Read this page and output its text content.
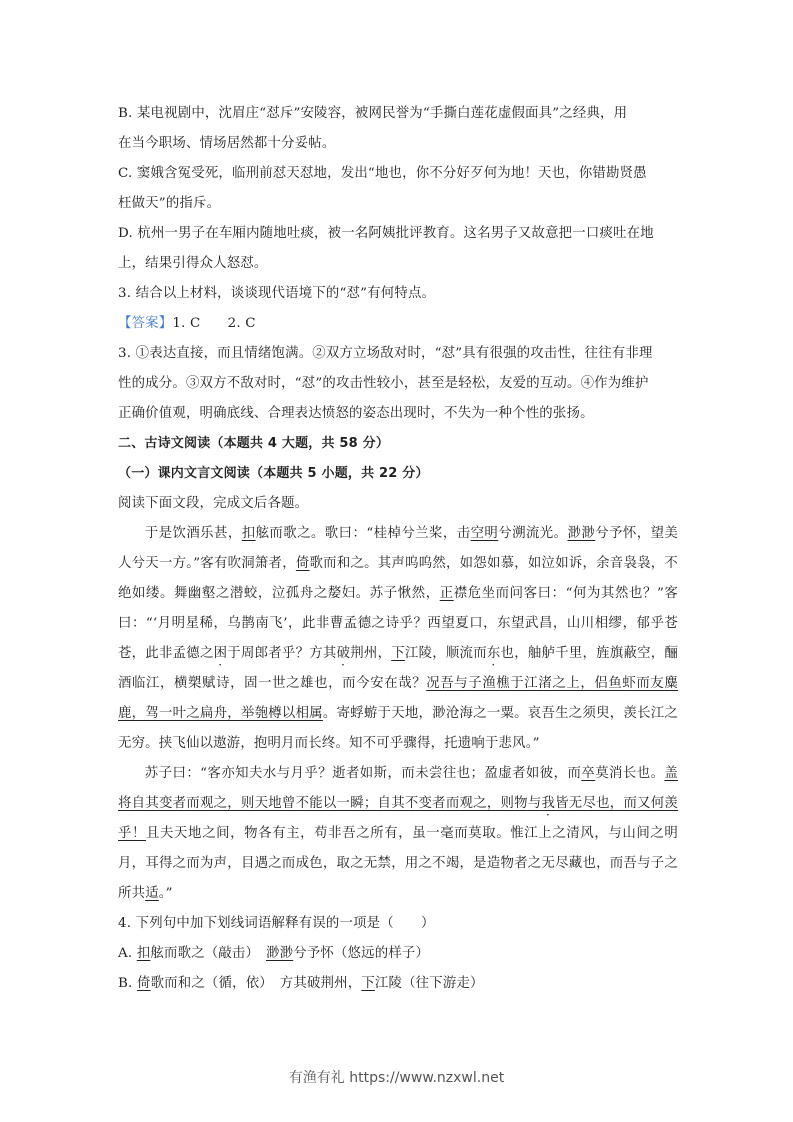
B. 某电视剧中，沈眉庄“怼斥”安陵容，被网民誉为“手撕白莲花虚假面具”之经典，用
在当今职场、情场居然都十分妥帖。
C. 窦娥含冤受死，临刑前怼天怼地，发出“地也，你不分好歹何为地！天也，你错勘贤愚
枉做天”的指斥。
D. 杭州一男子在车厢内随地吐痰，被一名阿姨批评教育。这名男子又故意把一口痰吐在地
上，结果引得众人怒怼。
3. 结合以上材料，谈谈现代语境下的“怼”有何特点。
【答案】1. C　　2. C
3. ①表达直接，而且情绪饱满。②双方立场敌对时，“怼”具有很强的攻击性，往往有非理
性的成分。③双方不敌对时，“怼”的攻击性较小，甚至是轻松，友爱的互动。④作为维护
正确价值观，明确底线、合理表达愤怒的姿态出现时，不失为一种个性的张扬。
二、古诗文阅读（本题共 4 大题，共 58 分）
（一）课内文言文阅读（本题共 5 小题，共 22 分）
阅读下面文段，完成文后各题。
于是饮酒乐甚，扣舷而歌之。歌曰：“桂棹兮兰桨，击空明兮溯流光。渺渺兮予怀，望美人兮天一方。”客有吹洞箫者，倚歌而和之。其声呜呜然，如怨如慕，如泣如诉，余音袅袅，不绝如缕。舞幽壑之潜蛟，泣孤舟之嫠妇。苏子愀然，正襟危坐而问客曰：“何为其然也？”客曰：“‘月明星稀，乌鹊南飞’，此非曹孟德之诗乎？西望夏口，东望武昌，山川相缪，郁乎苍苍，此非孟德之困于周郎者乎？方其破荆州，下江陵，顺流而东也，舳舻千里，旌旗蔽空，酾酒临江，横槊赋诗，固一世之雄也，而今安在哉？况吾与子渔樵于江渚之上，侣鱼虾而友麋鹿，驾一叶之扁舟，举匏樽以相属。寄蜉蝣于天地，渺沧海之一粟。哀吾生之须臾，羡长江之无穷。挟飞仙以遨游，抱明月而长终。知不可乎骤得，托遗响于悲风。”
苏子曰：“客亦知夫水与月乎？逝者如斯，而未尝往也；盈虚者如彼，而卒莫消长也。盖将自其变者而观之，则天地曾不能以一瞬；自其不变者而观之，则物与我皆无尽也，而又何羡乎！且夫天地之间，物各有主，苟非吾之所有，虽一毫而莫取。惟江上之清风，与山间之明月，耳得之而为声，目遇之而成色，取之无禁，用之不竭，是造物者之无尽藏也，而吾与子之所共适。”
4. 下列句中加下划线词语解释有误的一项是（　　）
A. 扣舷而歌之（敲击）　渺渺兮予怀（悠远的样子）
B. 倚歌而和之（循，依）　方其破荆州，下江陵（往下游走）
有渔有礼 https://www.nzxwl.net
